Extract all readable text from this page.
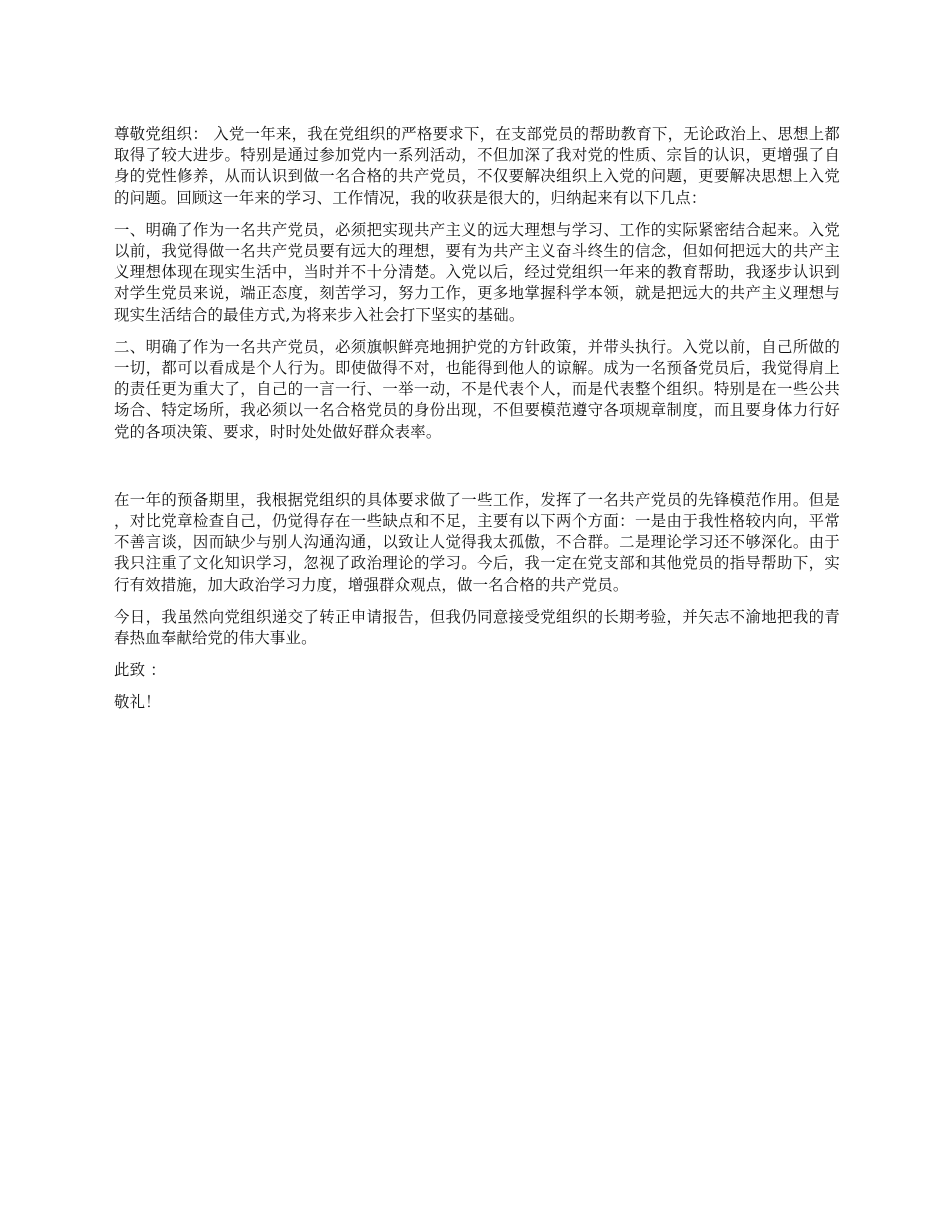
尊敬党组织： 入党一年来，我在党组织的严格要求下，在支部党员的帮助教育下，无论政治上、思想上都取得了较大进步。特别是通过参加党内一系列活动，不但加深了我对党的性质、宗旨的认识，更增强了自身的党性修养，从而认识到做一名合格的共产党员，不仅要解决组织上入党的问题，更要解决思想上入党的问题。回顾这一年来的学习、工作情况，我的收获是很大的，归纳起来有以下几点：

一、明确了作为一名共产党员，必须把实现共产主义的远大理想与学习、工作的实际紧密结合起来。入党以前，我觉得做一名共产党员要有远大的理想，要有为共产主义奋斗终生的信念，但如何把远大的共产主义理想体现在现实生活中，当时并不十分清楚。入党以后，经过党组织一年来的教育帮助，我逐步认识到对学生党员来说，端正态度，刻苦学习，努力工作，更多地掌握科学本领，就是把远大的共产主义理想与现实生活结合的最佳方式,为将来步入社会打下坚实的基础。

二、明确了作为一名共产党员，必须旗帜鲜亮地拥护党的方针政策，并带头执行。入党以前，自己所做的一切，都可以看成是个人行为。即使做得不对，也能得到他人的谅解。成为一名预备党员后，我觉得肩上的责任更为重大了，自己的一言一行、一举一动，不是代表个人，而是代表整个组织。特别是在一些公共场合、特定场所，我必须以一名合格党员的身份出现，不但要模范遵守各项规章制度，而且要身体力行好党的各项决策、要求，时时处处做好群众表率。

在一年的预备期里，我根据党组织的具体要求做了一些工作，发挥了一名共产党员的先锋模范作用。但是，对比党章检查自己，仍觉得存在一些缺点和不足，主要有以下两个方面：一是由于我性格较内向，平常不善言谈，因而缺少与别人沟通沟通，以致让人觉得我太孤傲，不合群。二是理论学习还不够深化。由于我只注重了文化知识学习，忽视了政治理论的学习。今后，我一定在党支部和其他党员的指导帮助下，实行有效措施，加大政治学习力度，增强群众观点，做一名合格的共产党员。

今日，我虽然向党组织递交了转正申请报告，但我仍同意接受党组织的长期考验，并矢志不渝地把我的青春热血奉献给党的伟大事业。

此致 ：

敬礼！
